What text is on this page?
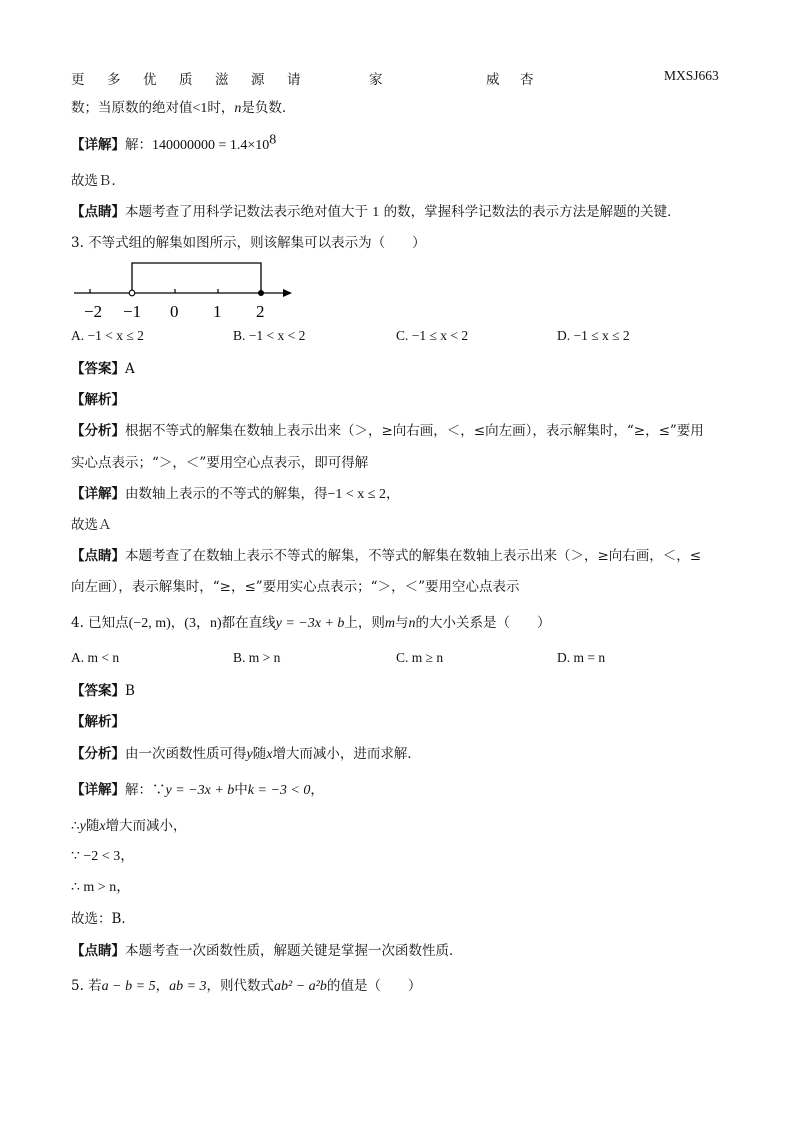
更 多 优 质 滋 源 请	家	威 杏	MXSJ663
数；当原数的绝对值<1时，n是负数．
【详解】解：$140000000 = 1.4\times 10^8$
故选Ｂ．
【点睛】本题考查了用科学记数法表示绝对值大于 1 的数，掌握科学记数法的表示方法是解题的关键．
3. 不等式组的解集如图所示，则该解集可以表示为（　　）
−2 −1 0 1 2
A. −1 < x ≤ 2	B. −1 < x < 2	C. −1 ≤ x < 2	D. −1 ≤ x ≤ 2
【答案】A
【解析】
【分析】根据不等式的解集在数轴上表示出来（＞，≥向右画，＜，≤向左画），表示解集时，“≥，≤”要用
实心点表示；“＞，＜”要用空心点表示，即可得解
【详解】由数轴上表示的不等式的解集，得−1 < x ≤ 2，
故选Ａ
【点睛】本题考查了在数轴上表示不等式的解集，不等式的解集在数轴上表示出来（＞，≥向右画，＜，≤
向左画），表示解集时，“≥，≤”要用实心点表示；“＞，＜”要用空心点表示
4. 已知点(−2, m)，(3，n)都在直线y = −3x + b上，则m与n的大小关系是（　　）
A. m < n	B. m > n	C. m ≥ n	D. m = n
【答案】B
【解析】
【分析】由一次函数性质可得y随x增大而减小，进而求解．
【详解】解：∵y = −3x + b中k = −3 < 0，
∴y随x增大而减小，
∵ −2 < 3，
∴ m > n，
故选：B．
【点睛】本题考查一次函数性质，解题关键是掌握一次函数性质．
5. 若a − b = 5，ab = 3，则代数式ab² − a²b的值是（　　）
